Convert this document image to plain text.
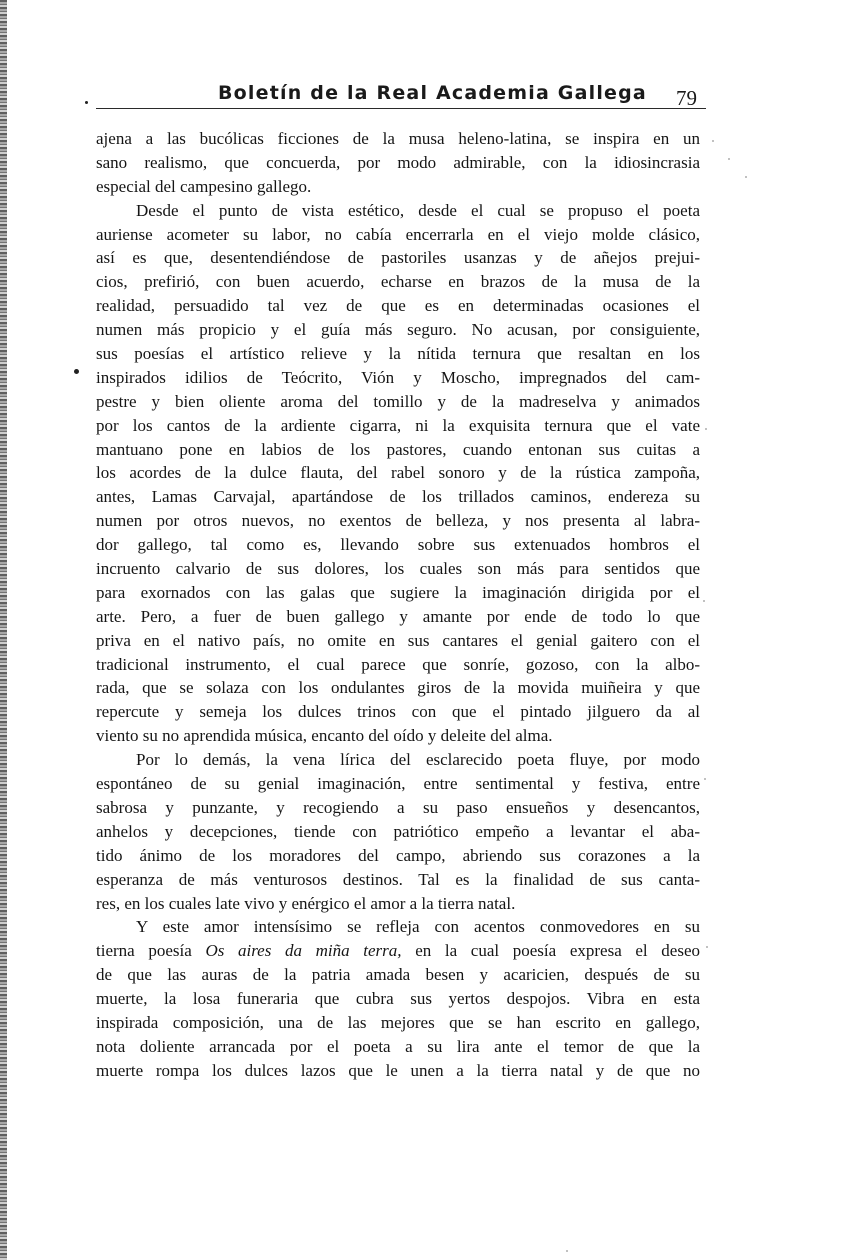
Boletín de la Real Academia Gallega 79
ajena a las bucólicas ficciones de la musa heleno-latina, se inspira en un
sano realismo, que concuerda, por modo admirable, con la idiosincrasia
especial del campesino gallego.
Desde el punto de vista estético, desde el cual se propuso el poeta
auriense acometer su labor, no cabía encerrarla en el viejo molde clásico,
así es que, desentendiéndose de pastoriles usanzas y de añejos prejui-
cios, prefirió, con buen acuerdo, echarse en brazos de la musa de la
realidad, persuadido tal vez de que es en determinadas ocasiones el
numen más propicio y el guía más seguro. No acusan, por consiguiente,
sus poesías el artístico relieve y la nítida ternura que resaltan en los
inspirados idilios de Teócrito, Vión y Moscho, impregnados del cam-
pestre y bien oliente aroma del tomillo y de la madreselva y animados
por los cantos de la ardiente cigarra, ni la exquisita ternura que el vate
mantuano pone en labios de los pastores, cuando entonan sus cuitas a
los acordes de la dulce flauta, del rabel sonoro y de la rústica zampoña,
antes, Lamas Carvajal, apartándose de los trillados caminos, endereza su
numen por otros nuevos, no exentos de belleza, y nos presenta al labra-
dor gallego, tal como es, llevando sobre sus extenuados hombros el
incruento calvario de sus dolores, los cuales son más para sentidos que
para exornados con las galas que sugiere la imaginación dirigida por el
arte. Pero, a fuer de buen gallego y amante por ende de todo lo que
priva en el nativo país, no omite en sus cantares el genial gaitero con el
tradicional instrumento, el cual parece que sonríe, gozoso, con la albo-
rada, que se solaza con los ondulantes giros de la movida muiñeira y que
repercute y semeja los dulces trinos con que el pintado jilguero da al
viento su no aprendida música, encanto del oído y deleite del alma.
Por lo demás, la vena lírica del esclarecido poeta fluye, por modo
espontáneo de su genial imaginación, entre sentimental y festiva, entre
sabrosa y punzante, y recogiendo a su paso ensueños y desencantos,
anhelos y decepciones, tiende con patriótico empeño a levantar el aba-
tido ánimo de los moradores del campo, abriendo sus corazones a la
esperanza de más venturosos destinos. Tal es la finalidad de sus canta-
res, en los cuales late vivo y enérgico el amor a la tierra natal.
Y este amor intensísimo se refleja con acentos conmovedores en su
tierna poesía Os aires da miña terra, en la cual poesía expresa el deseo
de que las auras de la patria amada besen y acaricien, después de su
muerte, la losa funeraria que cubra sus yertos despojos. Vibra en esta
inspirada composición, una de las mejores que se han escrito en gallego,
nota doliente arrancada por el poeta a su lira ante el temor de que la
muerte rompa los dulces lazos que le unen a la tierra natal y de que no
